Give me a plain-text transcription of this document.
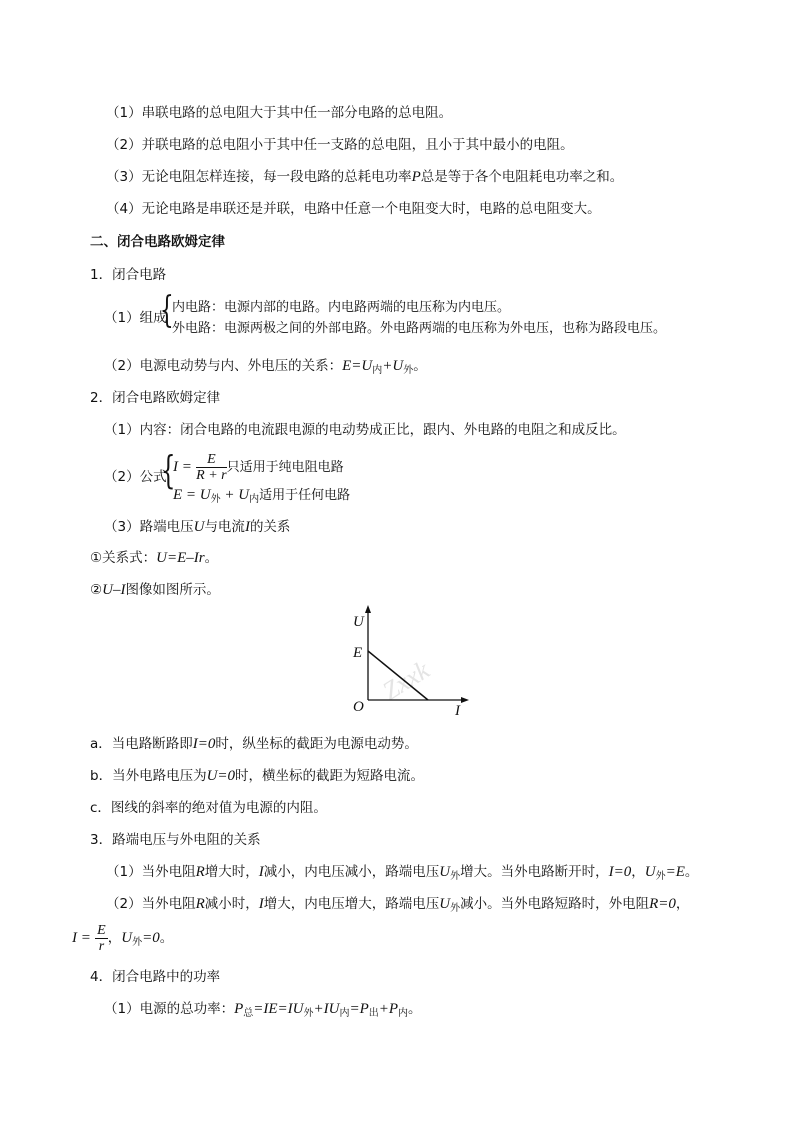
（1）串联电路的总电阻大于其中任一部分电路的总电阻。
（2）并联电路的总电阻小于其中任一支路的总电阻，且小于其中最小的电阻。
（3）无论电阻怎样连接，每一段电路的总耗电功率P总是等于各个电阻耗电功率之和。
（4）无论电路是串联还是并联，电路中任意一个电阻变大时，电路的总电阻变大。
二、闭合电路欧姆定律
1．闭合电路
（1）组成
{
内电路：电源内部的电路。内电路两端的电压称为内电压。
外电路：电源两极之间的外部电路。外电路两端的电压称为外电压，也称为路段电压。
（2）电源电动势与内、外电压的关系：$E=U_内+U_外$。
2．闭合电路欧姆定律
（1）内容：闭合电路的电流跟电源的电动势成正比，跟内、外电路的电阻之和成反比。
（2）公式
{
$I = \frac{E}{R + r}$ 只适用于纯电阻电路
$E = U_外 + U_内$适用于任何电路
（3）路端电压U与电流I的关系
①关系式：U=E–Ir。
②U–I图像如图所示。
Zxxk
U
E
O	I
a．当电路断路即I=0时，纵坐标的截距为电源电动势。
b．当外电路电压为U=0时，横坐标的截距为短路电流。
c．图线的斜率的绝对值为电源的内阻。
3．路端电压与外电阻的关系
（1）当外电阻R增大时，I减小，内电压减小，路端电压$U_外$增大。当外电路断开时，I=0，$U_外=E$。
（2）当外电阻R减小时，I增大，内电压增大，路端电压$U_外$减小。当外电路短路时，外电阻R=0，
$I = \frac{E}{r}$ ，$U_外=0$。
4．闭合电路中的功率
（1）电源的总功率：$P_总=IE=IU_外+IU_内=P_出+P_内$。
